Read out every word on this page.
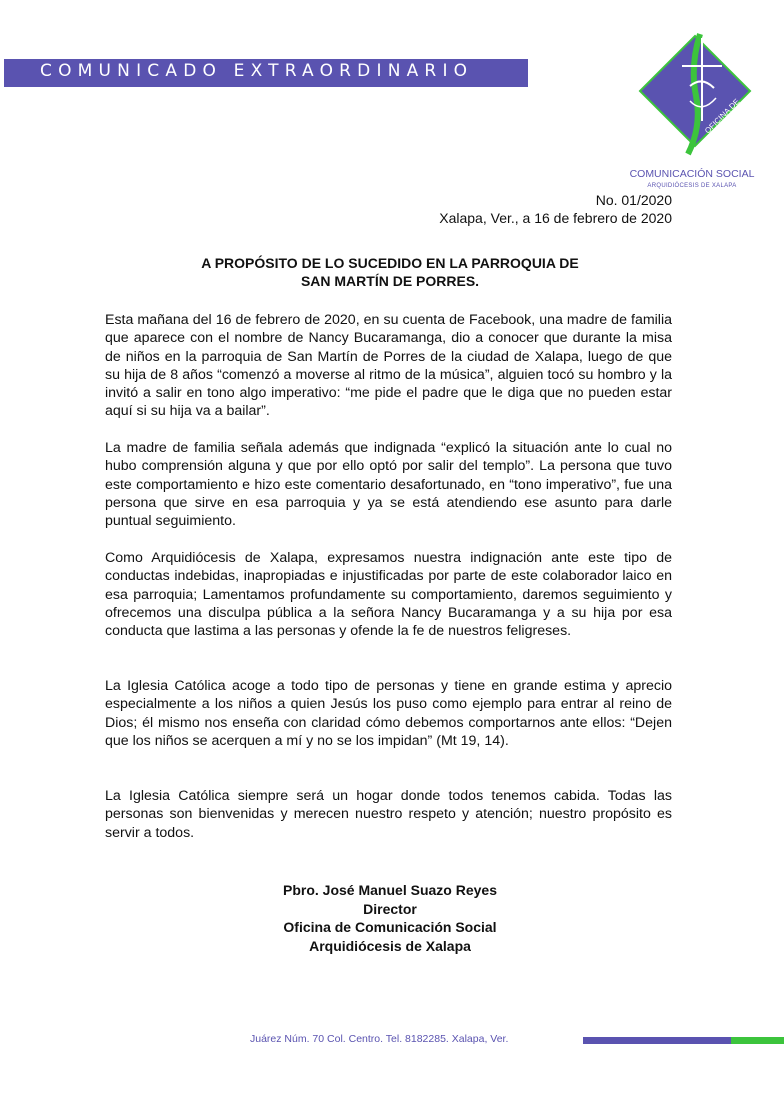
COMUNICADO EXTRAORDINARIO
OFICINA DE
COMUNICACIÓN SOCIAL
ARQUIDIÓCESIS DE XALAPA
No. 01/2020
Xalapa, Ver., a 16 de febrero de 2020
A PROPÓSITO DE LO SUCEDIDO EN LA PARROQUIA DE
SAN MARTÍN DE PORRES.

Esta mañana del 16 de febrero de 2020, en su cuenta de Facebook, una madre de familia que aparece con el nombre de Nancy Bucaramanga, dio a conocer que durante la misa de niños en la parroquia de San Martín de Porres de la ciudad de Xalapa, luego de que su hija de 8 años “comenzó a moverse al ritmo de la música”, alguien tocó su hombro y la invitó a salir en tono algo imperativo: “me pide el padre que le diga que no pueden estar aquí si su hija va a bailar”.

La madre de familia señala además que indignada “explicó la situación ante lo cual no hubo comprensión alguna y que por ello optó por salir del templo”. La persona que tuvo este comportamiento e hizo este comentario desafortunado, en “tono imperativo”, fue una persona que sirve en esa parroquia y ya se está atendiendo ese asunto para darle puntual seguimiento.

Como Arquidiócesis de Xalapa, expresamos nuestra indignación ante este tipo de conductas indebidas, inapropiadas e injustificadas por parte de este colaborador laico en esa parroquia; Lamentamos profundamente su comportamiento, daremos seguimiento y ofrecemos una disculpa pública a la señora Nancy Bucaramanga y a su hija por esa conducta que lastima a las personas y ofende la fe de nuestros feligreses.

La Iglesia Católica acoge a todo tipo de personas y tiene en grande estima y aprecio especialmente a los niños a quien Jesús los puso como ejemplo para entrar al reino de Dios; él mismo nos enseña con claridad cómo debemos comportarnos ante ellos: “Dejen que los niños se acerquen a mí y no se los impidan” (Mt 19, 14).

La Iglesia Católica siempre será un hogar donde todos tenemos cabida. Todas las personas son bienvenidas y merecen nuestro respeto y atención; nuestro propósito es servir a todos.

Pbro. José Manuel Suazo Reyes
Director
Oficina de Comunicación Social
Arquidiócesis de Xalapa
Juárez Núm. 70 Col. Centro. Tel. 8182285. Xalapa, Ver.
